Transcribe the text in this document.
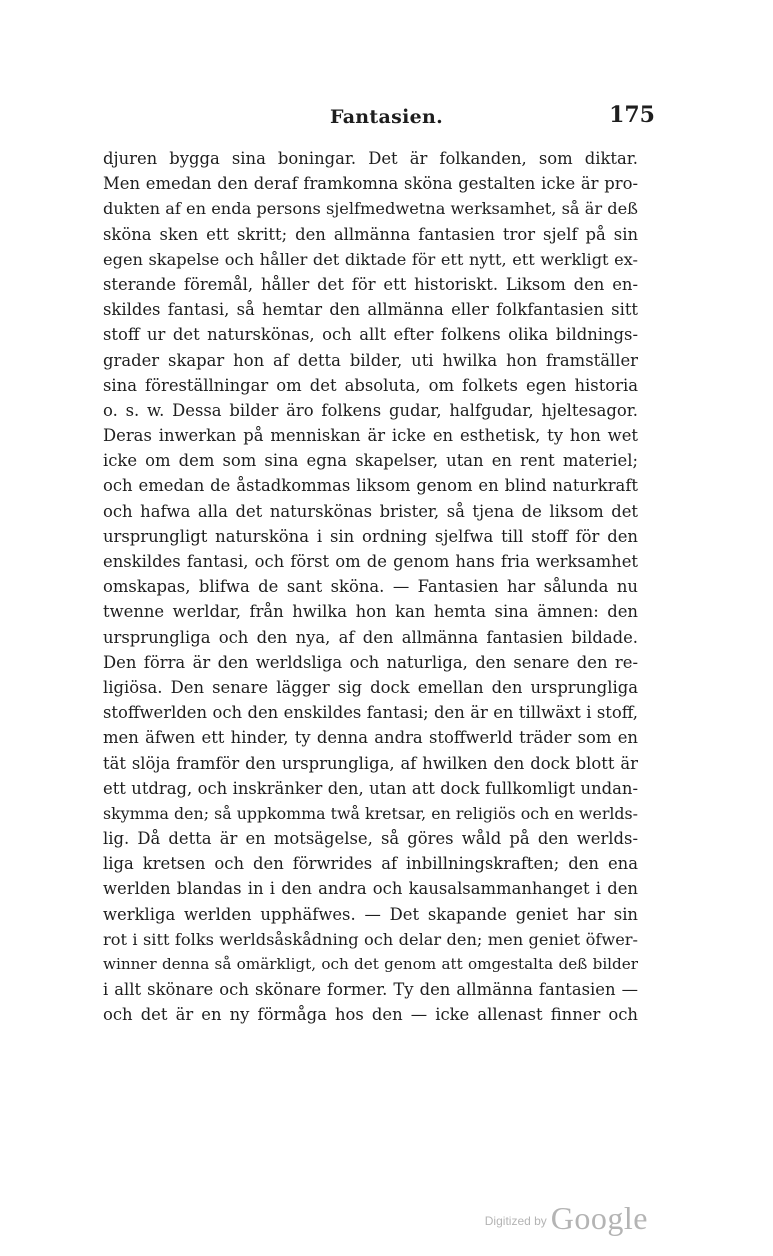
Fantasien.	175
djuren bygga sina boningar. Det är folkanden, som diktar.
Men emedan den deraf framkomna sköna gestalten icke är pro-
dukten af en enda persons sjelfmedwetna werksamhet, så är deß
sköna sken ett skritt; den allmänna fantasien tror sjelf på sin
egen skapelse och håller det diktade för ett nytt, ett werkligt ex-
sterande föremål, håller det för ett historiskt. Liksom den en-
skildes fantasi, så hemtar den allmänna eller folkfantasien sitt
stoff ur det naturskönas, och allt efter folkens olika bildnings-
grader skapar hon af detta bilder, uti hwilka hon framställer
sina föreställningar om det absoluta, om folkets egen historia
o. s. w. Dessa bilder äro folkens gudar, halfgudar, hjeltesagor.
Deras inwerkan på menniskan är icke en esthetisk, ty hon wet
icke om dem som sina egna skapelser, utan en rent materiel;
och emedan de åstadkommas liksom genom en blind naturkraft
och hafwa alla det naturskönas brister, så tjena de liksom det
ursprungligt natursköna i sin ordning sjelfwa till stoff för den
enskildes fantasi, och först om de genom hans fria werksamhet
omskapas, blifwa de sant sköna. — Fantasien har sålunda nu
twenne werldar, från hwilka hon kan hemta sina ämnen: den
ursprungliga och den nya, af den allmänna fantasien bildade.
Den förra är den werldsliga och naturliga, den senare den re-
ligiösa. Den senare lägger sig dock emellan den ursprungliga
stoffwerlden och den enskildes fantasi; den är en tillwäxt i stoff,
men äfwen ett hinder, ty denna andra stoffwerld träder som en
tät slöja framför den ursprungliga, af hwilken den dock blott är
ett utdrag, och inskränker den, utan att dock fullkomligt undan-
skymma den; så uppkomma twå kretsar, en religiös och en werlds-
lig. Då detta är en motsägelse, så göres wåld på den werlds-
liga kretsen och den förwrides af inbillningskraften; den ena
werlden blandas in i den andra och kausalsammanhanget i den
werkliga werlden upphäfwes. — Det skapande geniet har sin
rot i sitt folks werldsåskådning och delar den; men geniet öfwer-
winner denna så omärkligt, och det genom att omgestalta deß bilder
i allt skönare och skönare former. Ty den allmänna fantasien —
och det är en ny förmåga hos den — icke allenast finner och
Digitized by Google
